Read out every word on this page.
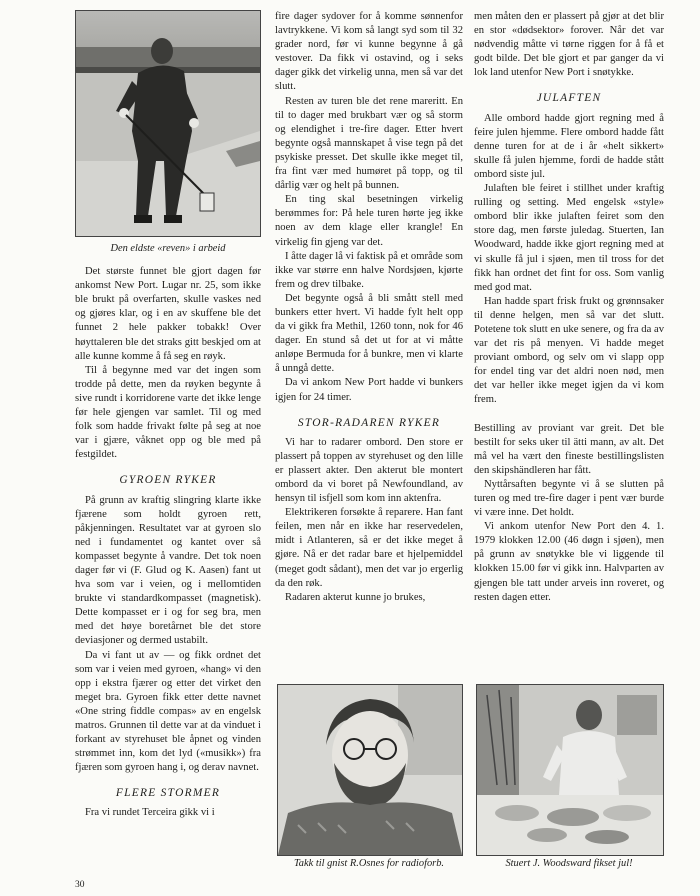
Den eldste «reven» i arbeid

Det største funnet ble gjort dagen før ankomst New Port. Lugar nr. 25, som ikke ble brukt på overfarten, skulle vaskes ned og gjøres klar, og i en av skuffene ble det funnet 2 hele pakker tobakk! Over høyttaleren ble det straks gitt beskjed om at alle kunne komme å få seg en røyk.

Til å begynne med var det ingen som trodde på dette, men da røyken begynte å sive rundt i korridorene varte det ikke lenge før hele gjengen var samlet. Til og med folk som hadde frivakt følte på seg at noe var i gjære, våknet opp og ble med på festgildet.

GYROEN RYKER

På grunn av kraftig slingring klarte ikke fjærene som holdt gyroen rett, påkjenningen. Resultatet var at gyroen slo ned i fundamentet og kantet over så kompasset begynte å vandre. Det tok noen dager før vi (F. Glud og K. Aasen) fant ut hva som var i veien, og i mellomtiden brukte vi standardkompasset (magnetisk). Dette kompasset er i og for seg bra, men med det høye boretårnet ble det store deviasjoner og dermed ustabilt.

Da vi fant ut av — og fikk ordnet det som var i veien med gyroen, «hang» vi den opp i ekstra fjærer og etter det virket den meget bra. Gyroen fikk etter dette navnet «One string fiddle compas» av en engelsk matros. Grunnen til dette var at da vinduet i forkant av styrehuset ble åpnet og vinden strømmet inn, kom det lyd («musikk») fra fjæren som gyroen hang i, og derav navnet.

FLERE STORMER

Fra vi rundet Terceira gikk vi i

fire dager sydover for å komme sønnenfor lavtrykkene. Vi kom så langt syd som til 32 grader nord, før vi kunne begynne å gå vestover. Da fikk vi ostavind, og i seks dager gikk det virkelig unna, men så var det slutt.

Resten av turen ble det rene mareritt. En til to dager med brukbart vær og så storm og elendighet i tre-fire dager. Etter hvert begynte også mannskapet å vise tegn på det psykiske presset. Det skulle ikke meget til, fra fint vær med humøret på topp, og til dårlig vær og helt på bunnen.

En ting skal besetningen virkelig berømmes for: På hele turen hørte jeg ikke noen av dem klage eller krangle! En virkelig fin gjeng var det.

I åtte dager lå vi faktisk på et område som ikke var større enn halve Nordsjøen, kjørte frem og drev tilbake.

Det begynte også å bli smått stell med bunkers etter hvert. Vi hadde fylt helt opp da vi gikk fra Methil, 1260 tonn, nok for 46 dager. En stund så det ut for at vi måtte anløpe Bermuda for å bunkre, men vi klarte å unngå dette.

Da vi ankom New Port hadde vi bunkers igjen for 24 timer.

STOR-RADAREN RYKER

Vi har to radarer ombord. Den store er plassert på toppen av styrehuset og den lille er plassert akter. Den akterut ble montert ombord da vi boret på Newfoundland, av hensyn til isfjell som kom inn aktenfra.

Elektrikeren forsøkte å reparere. Han fant feilen, men når en ikke har reservedelen, midt i Atlanteren, så er det ikke meget å gjøre. Nå er det radar bare et hjelpemiddel (meget godt sådant), men det var jo ergerlig da den røk.

Radaren akterut kunne jo brukes,

men måten den er plassert på gjør at det blir en stor «dødsektor» forover. Når det var nødvendig måtte vi tørne riggen for å få et godt bilde. Det ble gjort et par ganger da vi lok land utenfor New Port i snøtykke.

JULAFTEN

Alle ombord hadde gjort regning med å feire julen hjemme. Flere ombord hadde fått denne turen for at de i år «helt sikkert» skulle få julen hjemme, fordi de hadde stått ombord siste jul.

Julaften ble feiret i stillhet under kraftig rulling og setting. Med engelsk «style» ombord blir ikke julaften feiret som den store dag, men første juledag. Stuerten, Ian Woodward, hadde ikke gjort regning med at vi skulle få jul i sjøen, men til tross for det fikk han ordnet det fint for oss. Som vanlig med god mat.

Han hadde spart frisk frukt og grønnsaker til denne helgen, men så var det slutt. Potetene tok slutt en uke senere, og fra da av var det ris på menyen. Vi hadde meget proviant ombord, og selv om vi slapp opp for endel ting var det aldri noen nød, men det var heller ikke meget igjen da vi kom frem.

Bestilling av proviant var greit. Det ble bestilt for seks uker til ätti mann, av alt. Det må vel ha vært den fineste bestillingslisten den skipshändleren har fått.

Nyttårsaften begynte vi å se slutten på turen og med tre-fire dager i pent vær burde vi være inne. Det holdt.

Vi ankom utenfor New Port den 4. 1. 1979 klokken 12.00 (46 døgn i sjøen), men på grunn av snøtykke ble vi liggende til klokken 15.00 før vi gikk inn. Halvparten av gjengen ble tatt under arveis inn roveret, og resten dagen etter.

Takk til gnist R.Osnes for radioforb.	Stuert J. Woodsward fikset jul!
30
